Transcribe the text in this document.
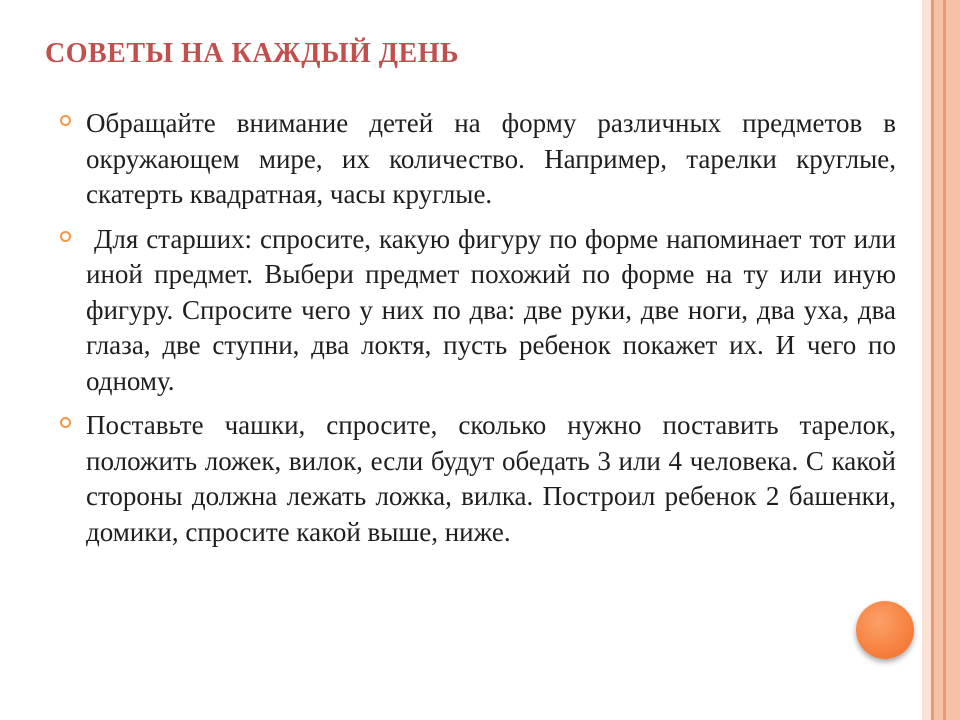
СОВЕТЫ НА КАЖДЫЙ ДЕНЬ

Обращайте внимание детей на форму различных предметов в окружающем мире, их количество. Например, тарелки круглые, скатерть квадратная, часы круглые.

Для старших: спросите, какую фигуру по форме напоминает тот или иной предмет. Выбери предмет похожий по форме на ту или иную фигуру. Спросите чего у них по два: две руки, две ноги, два уха, два глаза, две ступни, два локтя, пусть ребенок покажет их. И чего по одному.

Поставьте чашки, спросите, сколько нужно поставить тарелок, положить ложек, вилок, если будут обедать 3 или 4 человека. С какой стороны должна лежать ложка, вилка. Построил ребенок 2 башенки, домики, спросите какой выше, ниже.
